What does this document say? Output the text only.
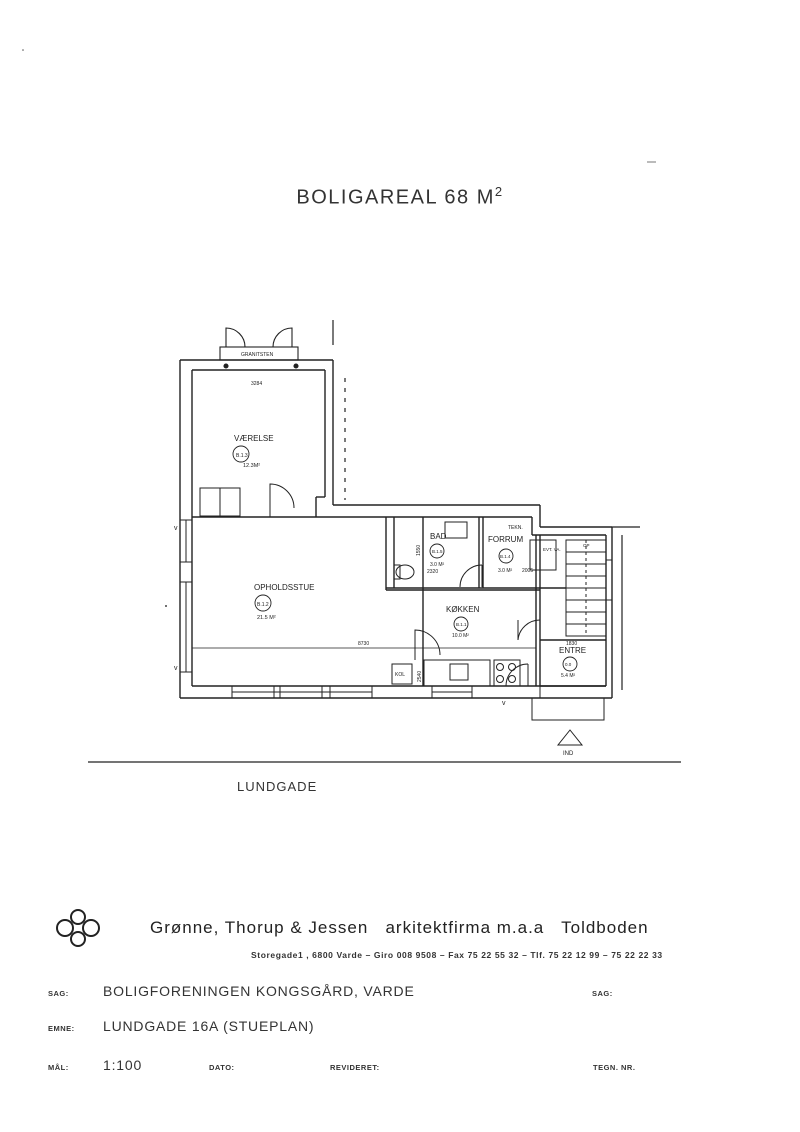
BOLIGAREAL 68 $M^2$
VÆRELSE
B.1.3
12.3M²
OPHOLDSSTUE
B.1.2
21.5 M²
BAD
B.1.5
3.0 M²
FORRUM
B.1.4
3.0 M²
KØKKEN
B.1.1
10.0 M²
ENTRE
0.0
5.4 M²
TEKN.
EVT. VA.
KOL
OP
3284
8730
2320	2005
1830
2540
1550
GRANITSTEN
v
v
v
IND
LUNDGADE
Grønne, Thorup & Jessen   arkitektfirma m.a.a   Toldboden
Storegade1 , 6800 Varde – Giro 008 9508 – Fax 75 22 55 32 – Tlf. 75 22 12 99 – 75 22 22 33
SAG: BOLIGFORENINGEN KONGSGÅRD, VARDE	SAG:
EMNE: LUNDGADE 16A (STUEPLAN)
MÅL: 1:100	DATO:	REVIDERET:	TEGN. NR.
